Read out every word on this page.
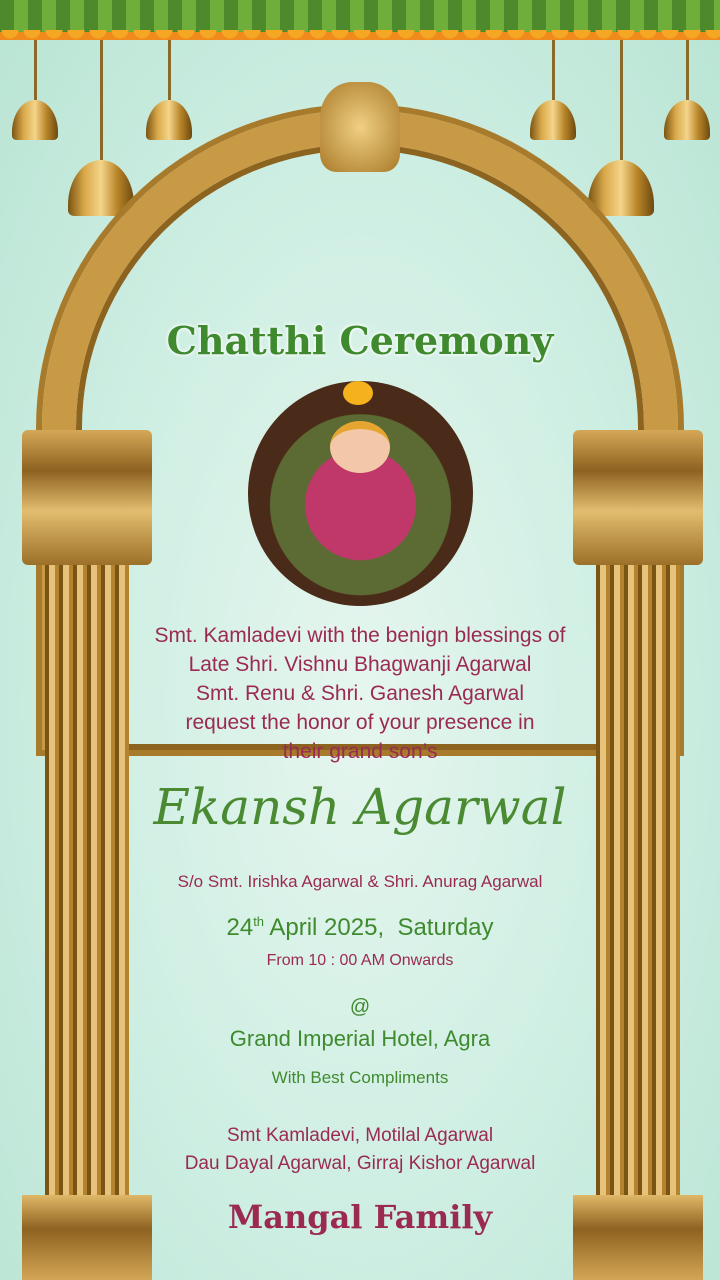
Chatthi Ceremony
Smt. Kamladevi with the benign blessings of
Late Shri. Vishnu Bhagwanji Agarwal
Smt. Renu & Shri. Ganesh Agarwal
request the honor of your presence in
their grand son’s
Ekansh Agarwal
S/o Smt. Irishka Agarwal & Shri. Anurag Agarwal
24th April 2025,  Saturday
From 10 : 00 AM Onwards
@
Grand Imperial Hotel, Agra
With Best Compliments
Smt Kamladevi, Motilal Agarwal
Dau Dayal Agarwal, Girraj Kishor Agarwal
Mangal Family
